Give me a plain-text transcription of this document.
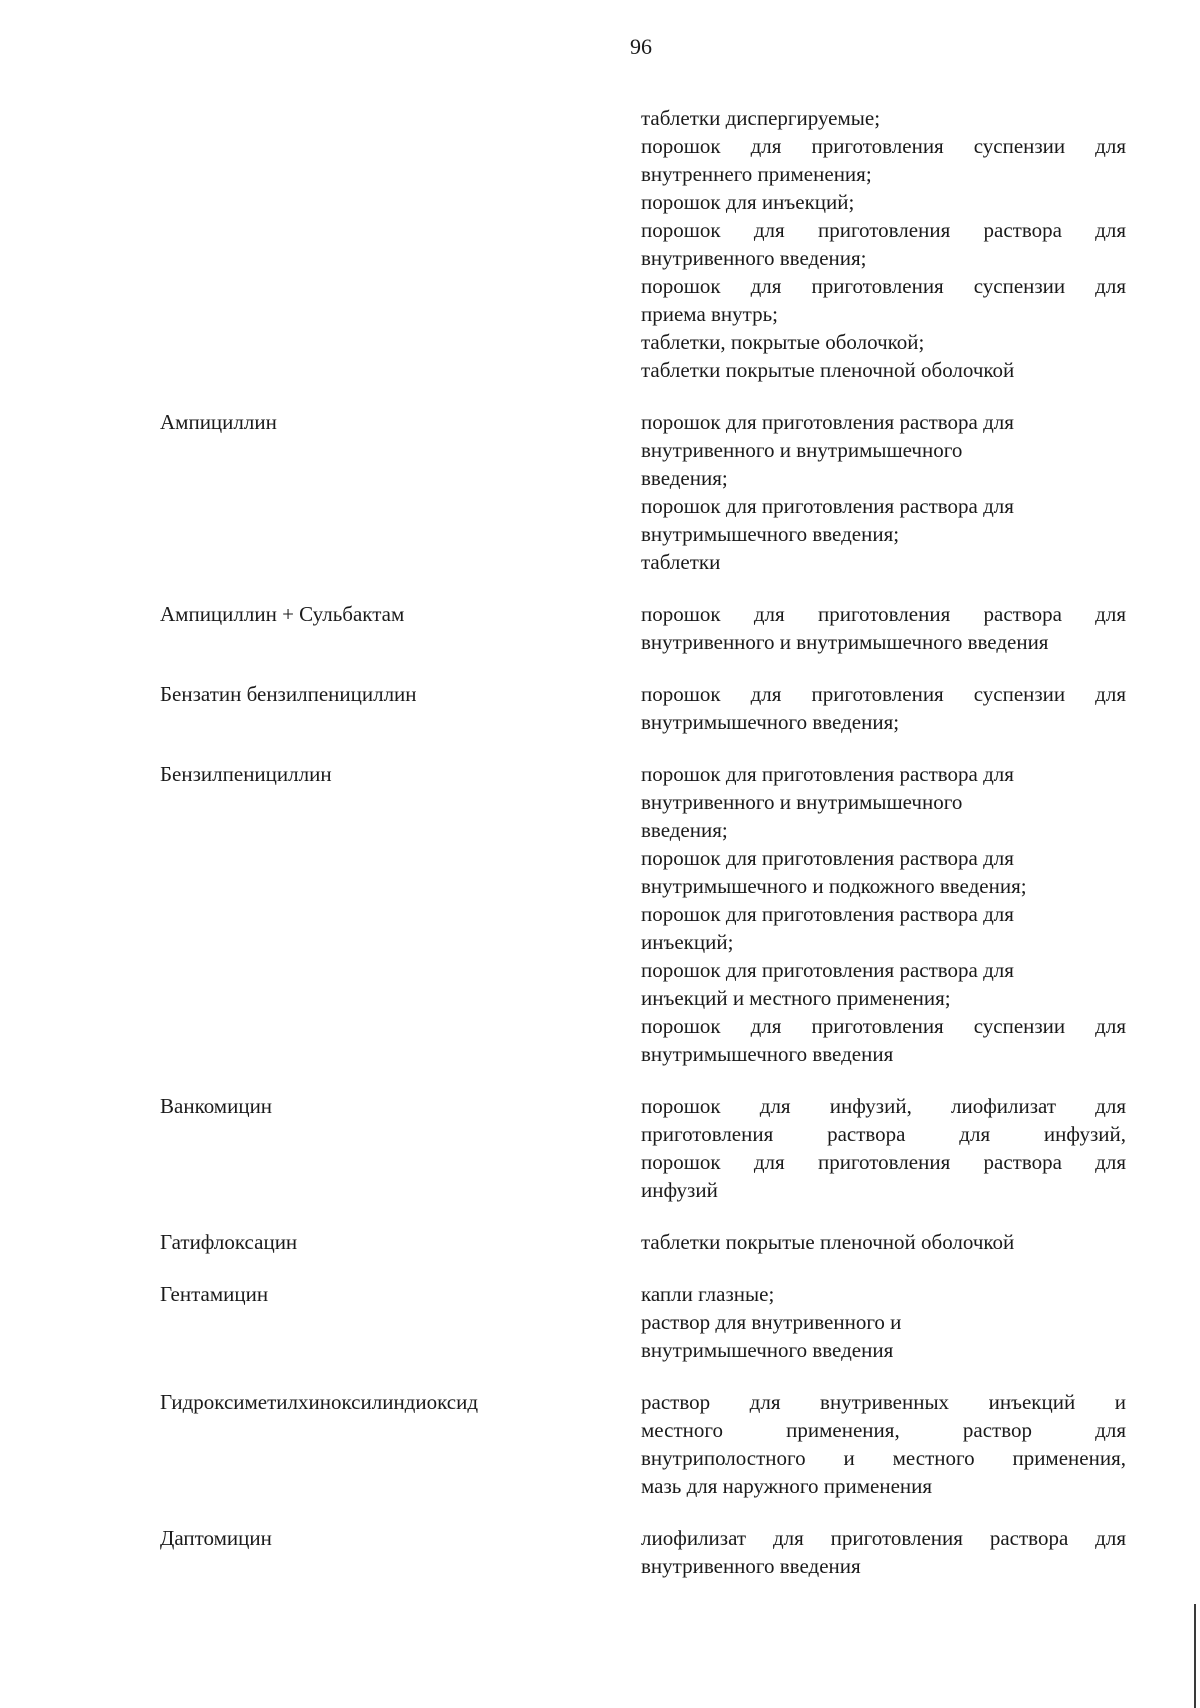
96
таблетки диспергируемые;
порошок для приготовления суспензии для
внутреннего применения;
порошок для инъекций;
порошок для приготовления раствора для
внутривенного введения;
порошок для приготовления суспензии для
приема внутрь;
таблетки, покрытые оболочкой;
таблетки покрытые пленочной оболочкой
Ампициллин	порошок для приготовления раствора для
внутривенного и внутримышечного
введения;
порошок для приготовления раствора для
внутримышечного введения;
таблетки
Ампициллин + Сульбактам	порошок для приготовления раствора для
внутривенного и внутримышечного введения
Бензатин бензилпенициллин	порошок для приготовления суспензии для
внутримышечного введения;
Бензилпенициллин	порошок для приготовления раствора для
внутривенного и внутримышечного
введения;
порошок для приготовления раствора для
внутримышечного и подкожного введения;
порошок для приготовления раствора для
инъекций;
порошок для приготовления раствора для
инъекций и местного применения;
порошок для приготовления суспензии для
внутримышечного введения
Ванкомицин	порошок для инфузий, лиофилизат для
приготовления раствора для инфузий,
порошок для приготовления раствора для
инфузий
Гатифлоксацин	таблетки покрытые пленочной оболочкой
Гентамицин	капли глазные;
раствор для внутривенного и
внутримышечного введения
Гидроксиметилхиноксилиндиоксид	раствор для внутривенных инъекций и
местного применения, раствор для
внутриполостного и местного применения,
мазь для наружного применения
Даптомицин	лиофилизат для приготовления раствора для
внутривенного введения
